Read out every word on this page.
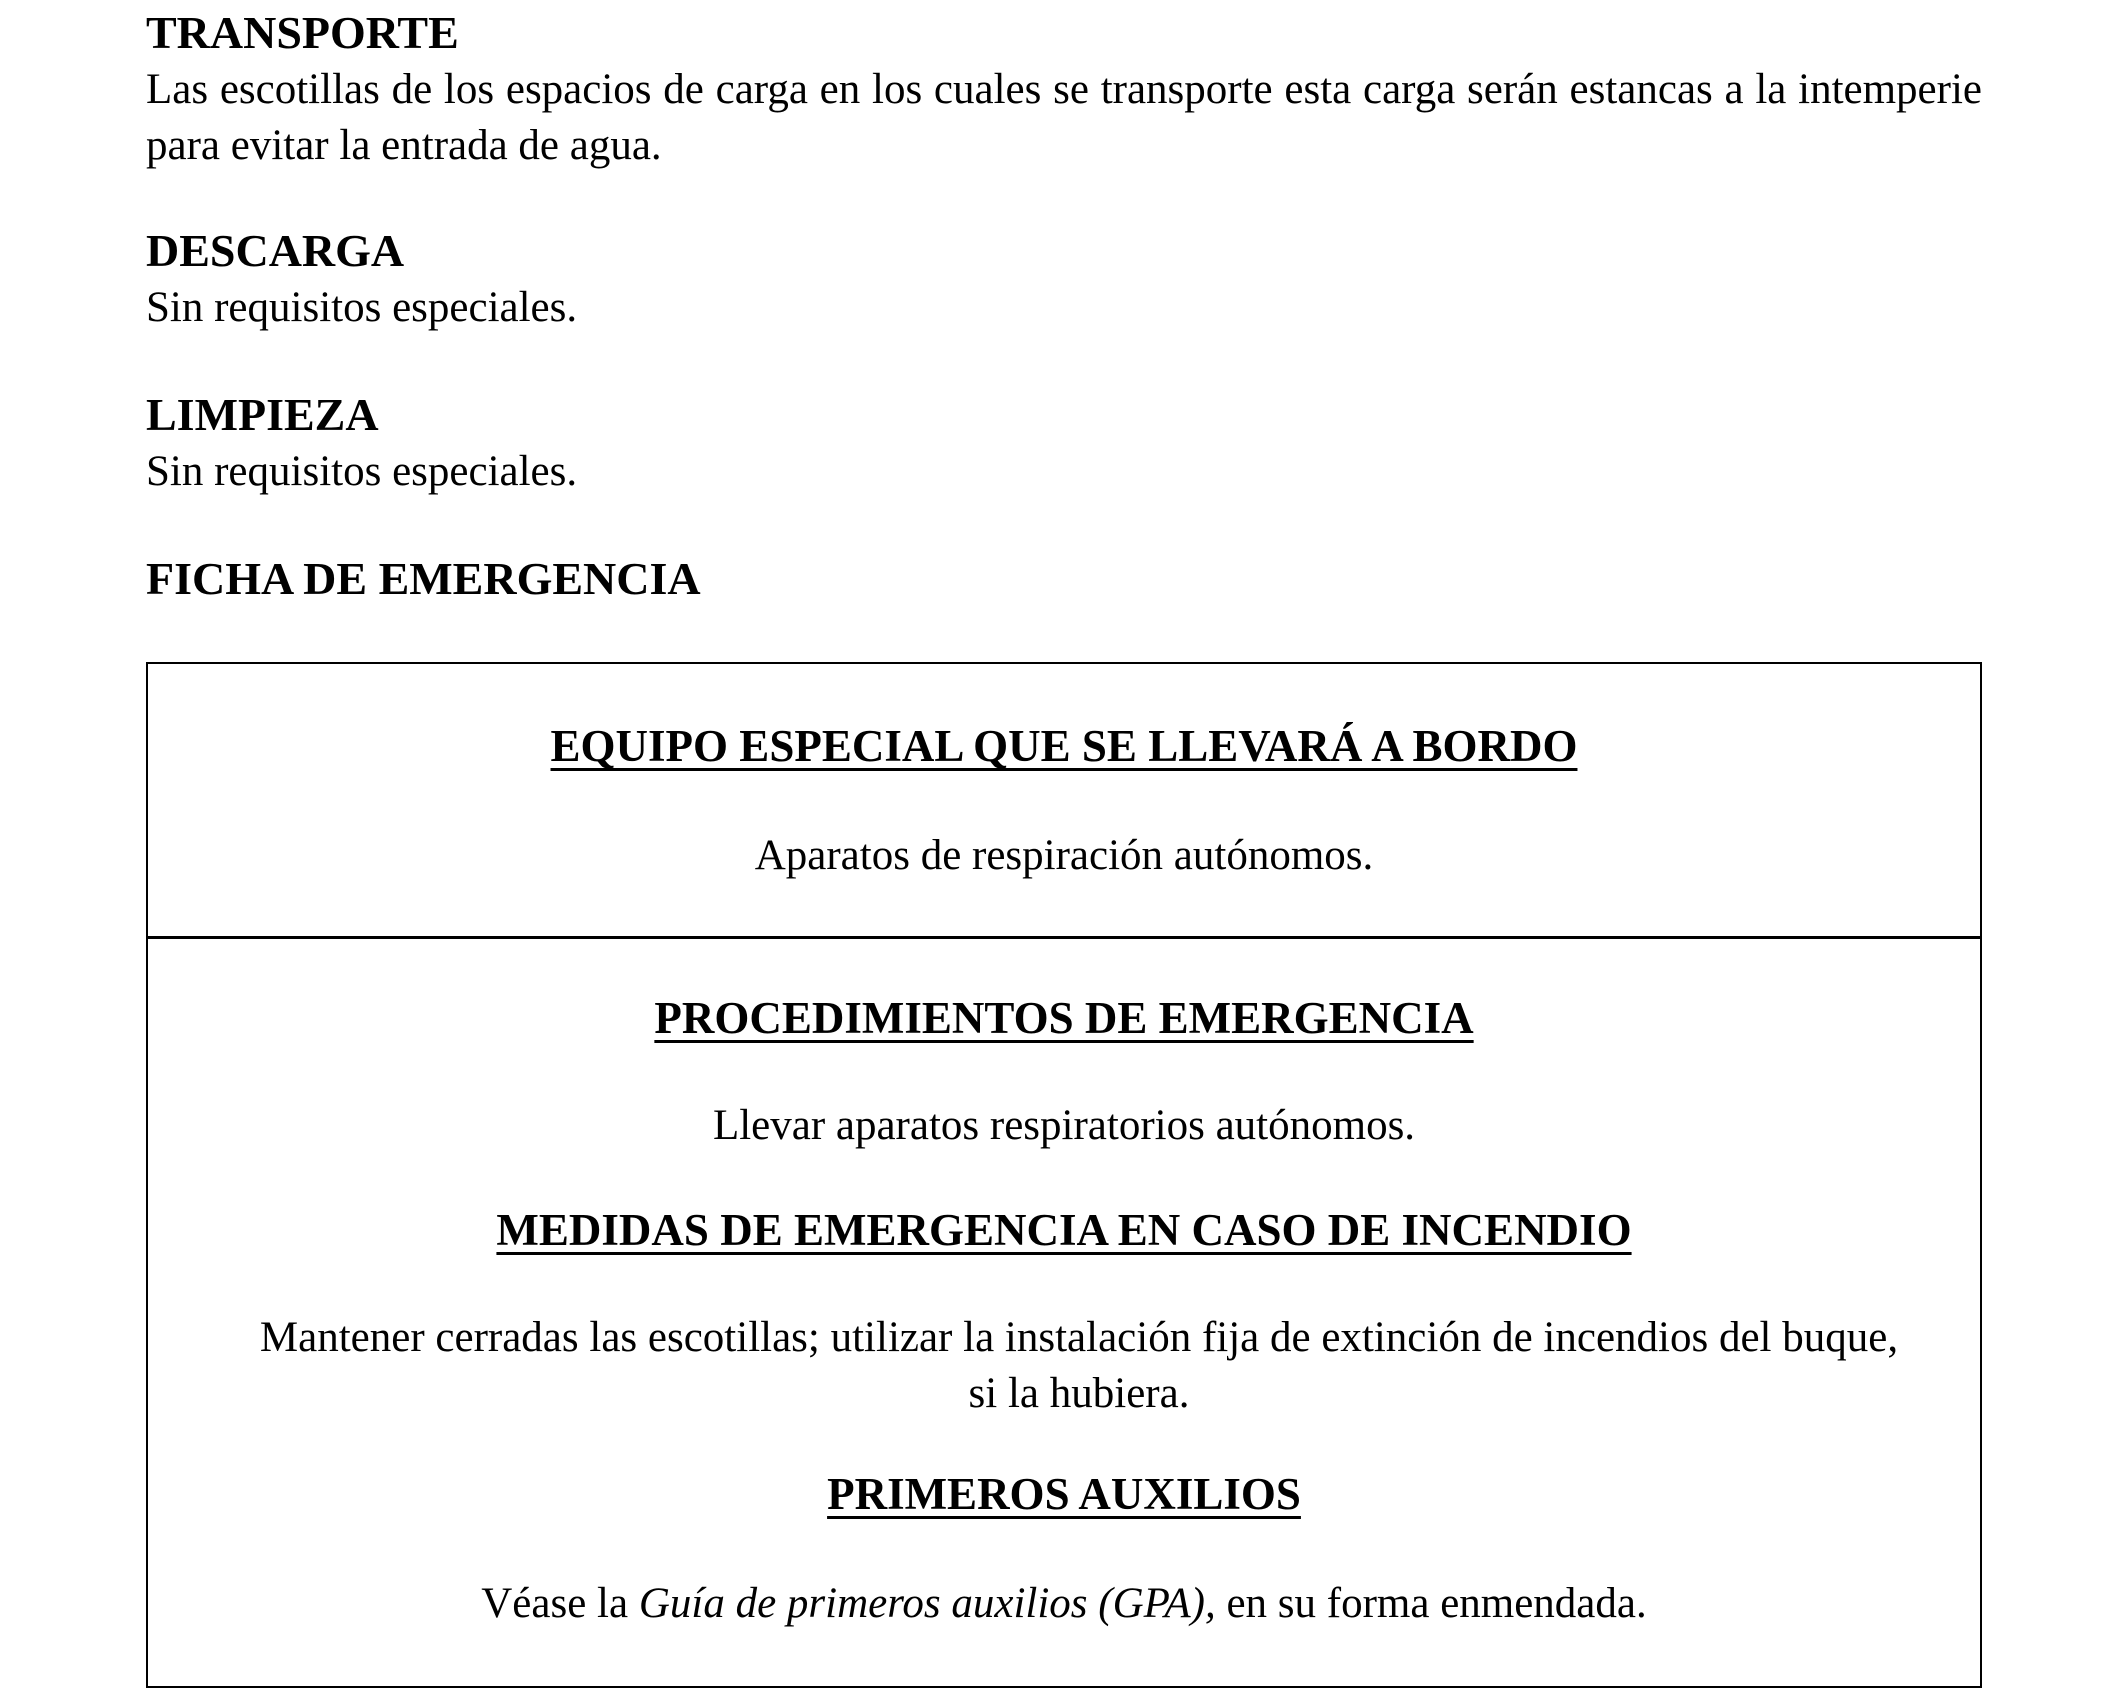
TRANSPORTE

Las escotillas de los espacios de carga en los cuales se transporte esta carga serán estancas a la intemperie para evitar la entrada de agua.

DESCARGA

Sin requisitos especiales.

LIMPIEZA

Sin requisitos especiales.

FICHA DE EMERGENCIA
EQUIPO ESPECIAL QUE SE LLEVARÁ A BORDO
Aparatos de respiración autónomos.
PROCEDIMIENTOS DE EMERGENCIA
Llevar aparatos respiratorios autónomos.
MEDIDAS DE EMERGENCIA EN CASO DE INCENDIO
Mantener cerradas las escotillas; utilizar la instalación fija de extinción de incendios del buque, si la hubiera.
PRIMEROS AUXILIOS
Véase la Guía de primeros auxilios (GPA), en su forma enmendada.
